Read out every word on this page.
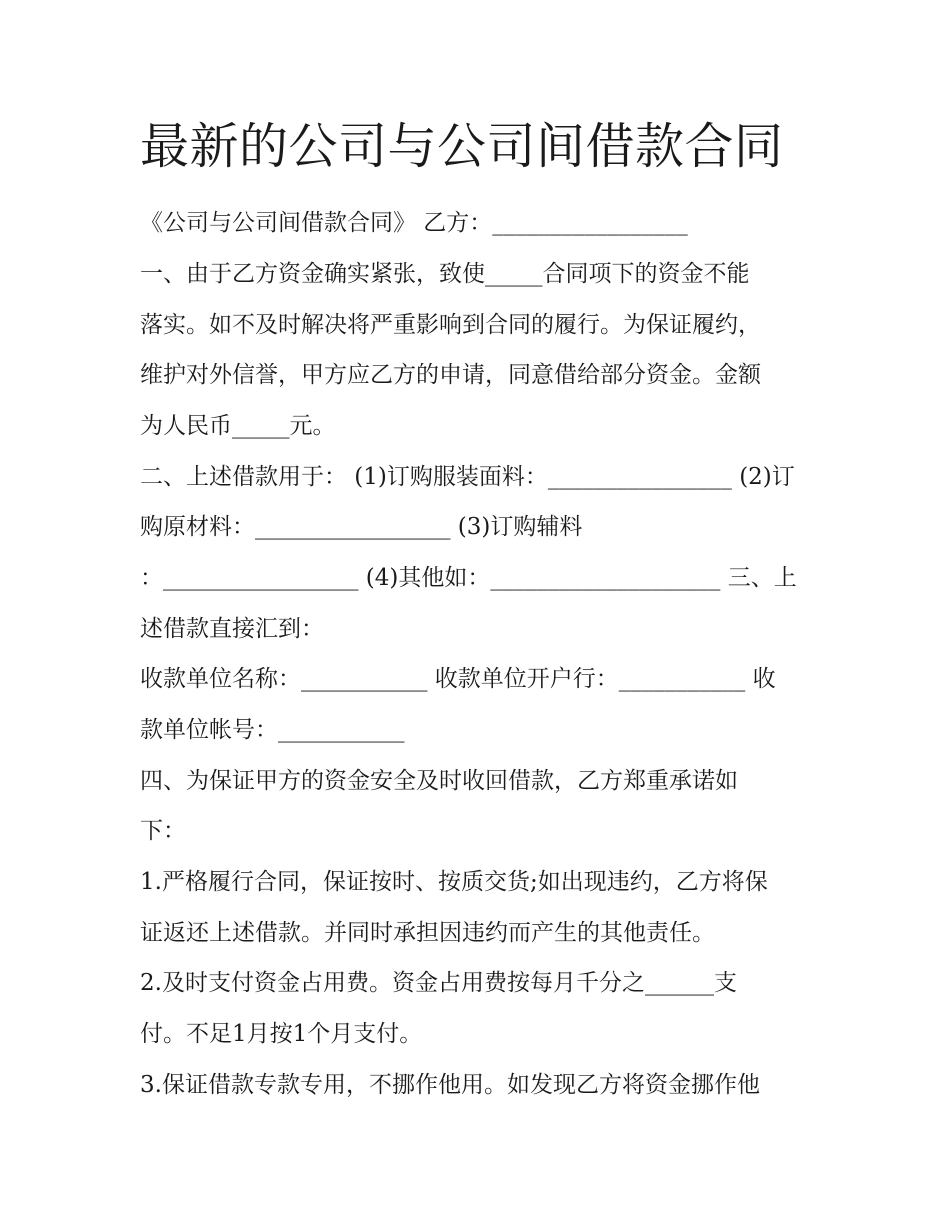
最新的公司与公司间借款合同
《公司与公司间借款合同》 乙方：_________________
一、由于乙方资金确实紧张，致使_____合同项下的资金不能
落实。如不及时解决将严重影响到合同的履行。为保证履约，
维护对外信誉，甲方应乙方的申请，同意借给部分资金。金额
为人民币_____元。
二、上述借款用于： (1)订购服装面料：________________ (2)订
购原材料：_________________ (3)订购辅料
：_________________ (4)其他如：____________________ 三、上
述借款直接汇到：
收款单位名称：___________ 收款单位开户行：___________ 收
款单位帐号：___________
四、为保证甲方的资金安全及时收回借款，乙方郑重承诺如
下：
1.严格履行合同，保证按时、按质交货;如出现违约，乙方将保
证返还上述借款。并同时承担因违约而产生的其他责任。
2.及时支付资金占用费。资金占用费按每月千分之______支
付。不足1月按1个月支付。
3.保证借款专款专用，不挪作他用。如发现乙方将资金挪作他
